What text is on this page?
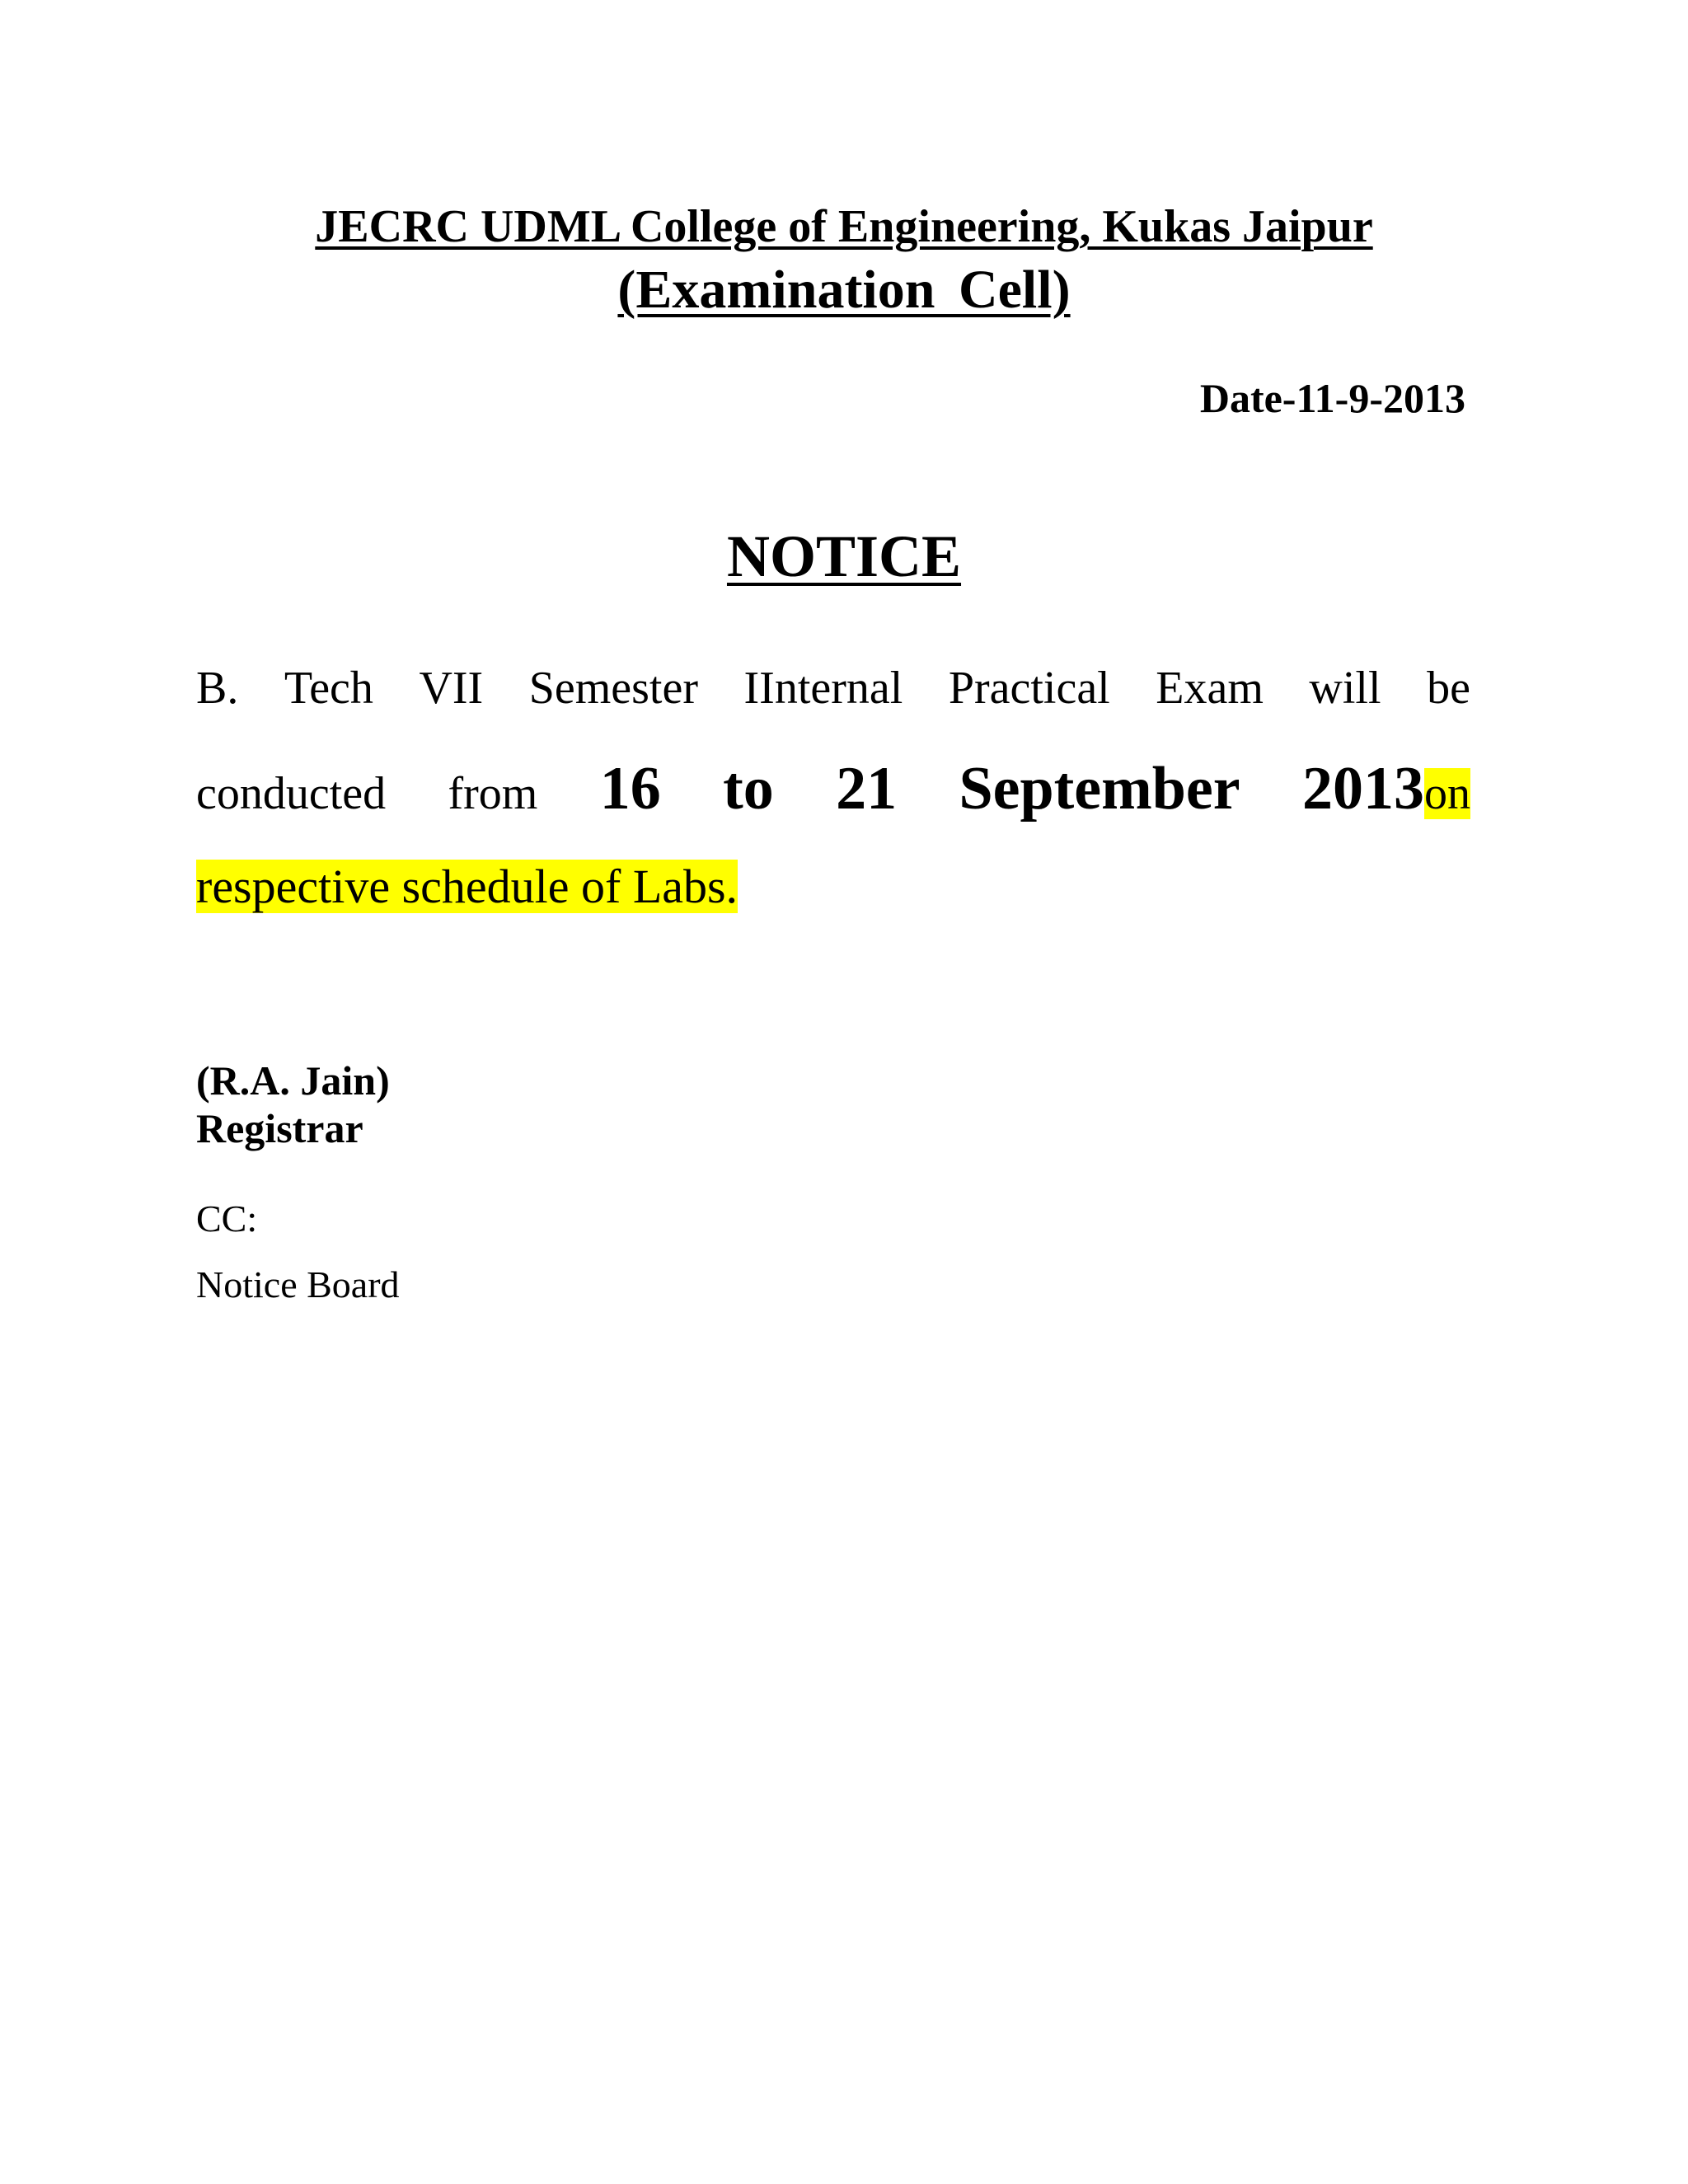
JECRC UDML College of Engineering, Kukas Jaipur
(Examination Cell)
Date-11-9-2013
NOTICE
B. Tech VII Semester IInternal Practical Exam will be
conducted from 16 to 21 September 2013on
respective schedule of Labs.
(R.A. Jain)
Registrar
CC:
Notice Board
